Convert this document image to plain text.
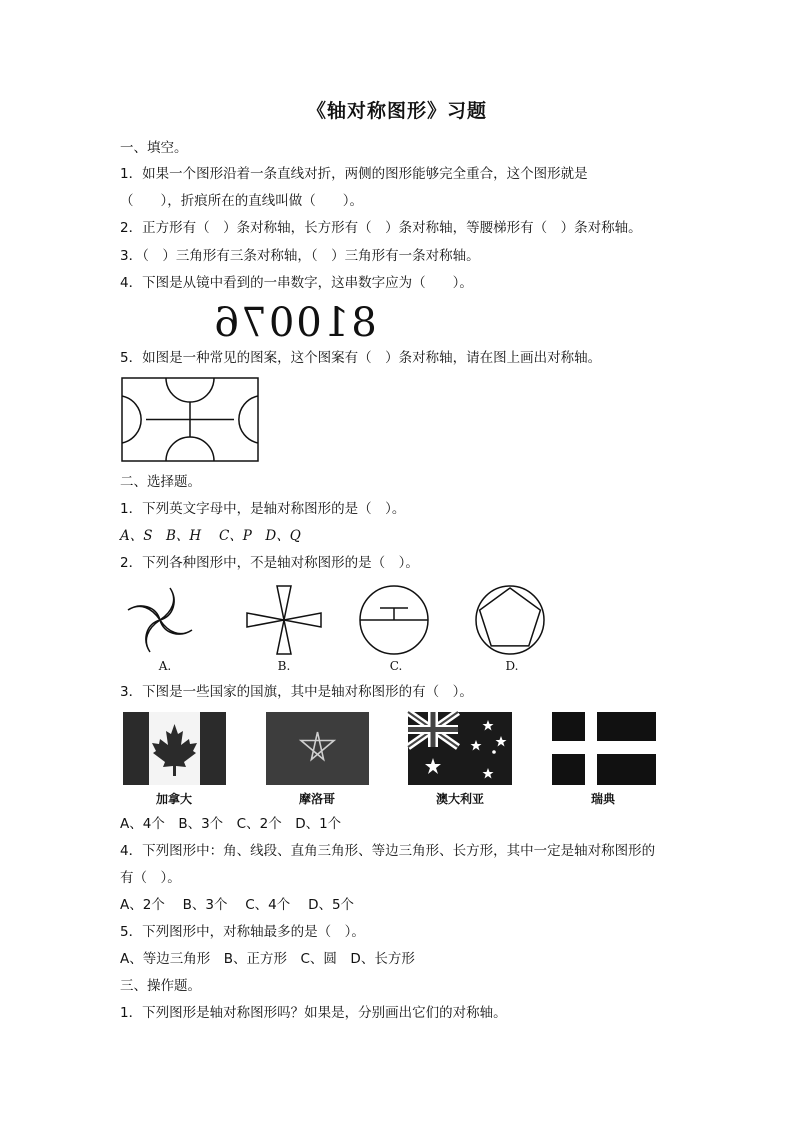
《轴对称图形》习题
一、填空。
1．如果一个图形沿着一条直线对折，两侧的图形能够完全重合，这个图形就是
（　　），折痕所在的直线叫做（　　）。
2．正方形有（　）条对称轴，长方形有（　）条对称轴，等腰梯形有（　）条对称轴。
3．（　）三角形有三条对称轴，（　）三角形有一条对称轴。
4．下图是从镜中看到的一串数字，这串数字应为（　　）。
810076
5．如图是一种常见的图案，这个图案有（　）条对称轴，请在图上画出对称轴。
二、选择题。
1．下列英文字母中，是轴对称图形的是（　）。
A、S　B、H　 C、P　D、Q
2．下列各种图形中，不是轴对称图形的是（　）。
A.	B.	C.	D.
3．下图是一些国家的国旗，其中是轴对称图形的有（　）。
加拿大	摩洛哥	澳大利亚	瑞典
A、4个　B、3个　C、2个　D、1个
4．下列图形中：角、线段、直角三角形、等边三角形、长方形，其中一定是轴对称图形的
有（　）。
A、2个　 B、3个　 C、4个　 D、5个
5．下列图形中，对称轴最多的是（　）。
A、等边三角形　B、正方形　C、圆　D、长方形
三、操作题。
1．下列图形是轴对称图形吗？如果是，分别画出它们的对称轴。
